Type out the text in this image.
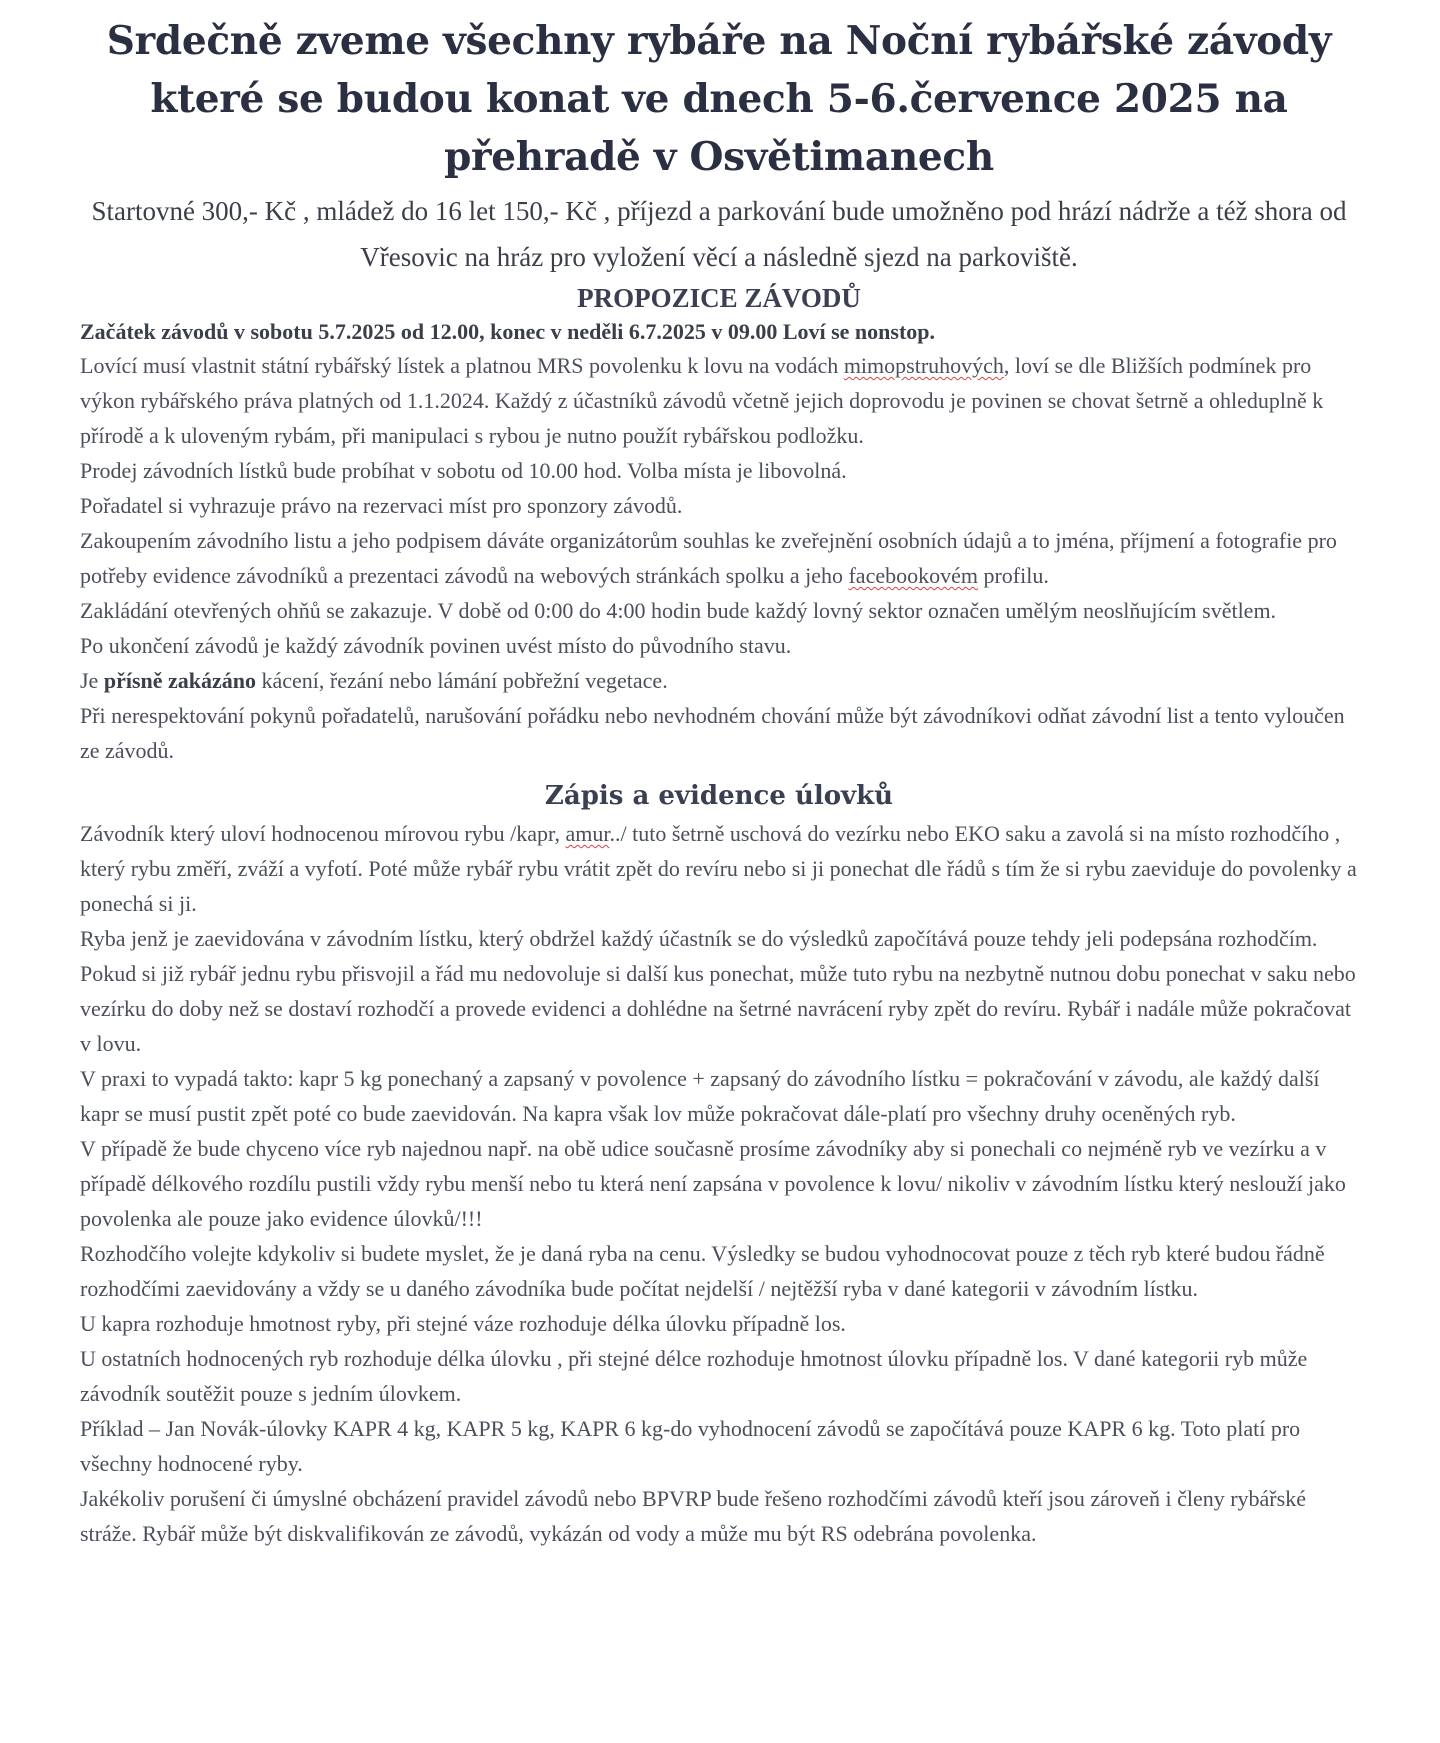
Srdečně zveme všechny rybáře na Noční rybářské závody které se budou konat ve dnech 5-6.července 2025 na přehradě v Osvětimanech

Startovné 300,- Kč , mládež do 16 let 150,- Kč , příjezd a parkování bude umožněno pod hrází nádrže a též shora od Vřesovic na hráz pro vyložení věcí a následně sjezd na parkoviště.

PROPOZICE ZÁVODŮ

Začátek závodů v sobotu 5.7.2025 od 12.00, konec v neděli 6.7.2025 v 09.00 Loví se nonstop.

Lovící musí vlastnit státní rybářský lístek a platnou MRS povolenku k lovu na vodách mimopstruhových, loví se dle Bližších podmínek pro výkon rybářského práva platných od 1.1.2024. Každý z účastníků závodů včetně jejich doprovodu je povinen se chovat šetrně a ohleduplně k přírodě a k uloveným rybám, při manipulaci s rybou je nutno použít rybářskou podložku.

Prodej závodních lístků bude probíhat v sobotu od 10.00 hod. Volba místa je libovolná.

Pořadatel si vyhrazuje právo na rezervaci míst pro sponzory závodů.

Zakoupením závodního listu a jeho podpisem dáváte organizátorům souhlas ke zveřejnění osobních údajů a to jména, příjmení a fotografie pro potřeby evidence závodníků a prezentaci závodů na webových stránkách spolku a jeho facebookovém profilu.

Zakládání otevřených ohňů se zakazuje. V době od 0:00 do 4:00 hodin bude každý lovný sektor označen umělým neoslňujícím světlem.

Po ukončení závodů je každý závodník povinen uvést místo do původního stavu.

Je přísně zakázáno kácení, řezání nebo lámání pobřežní vegetace.

Při nerespektování pokynů pořadatelů, narušování pořádku nebo nevhodném chování může být závodníkovi odňat závodní list a tento vyloučen ze závodů.

Zápis a evidence úlovků

Závodník který uloví hodnocenou mírovou rybu /kapr, amur../ tuto šetrně uschová do vezírku nebo EKO saku a zavolá si na místo rozhodčího , který rybu změří, zváží a vyfotí. Poté může rybář rybu vrátit zpět do revíru nebo si ji ponechat dle řádů s tím že si rybu zaeviduje do povolenky a ponechá si ji.

Ryba jenž je zaevidována v závodním lístku, který obdržel každý účastník se do výsledků započítává pouze tehdy jeli podepsána rozhodčím.

Pokud si již rybář jednu rybu přisvojil a řád mu nedovoluje si další kus ponechat, může tuto rybu na nezbytně nutnou dobu ponechat v saku nebo vezírku do doby než se dostaví rozhodčí a provede evidenci a dohlédne na šetrné navrácení ryby zpět do revíru. Rybář i nadále může pokračovat v lovu.

V praxi to vypadá takto: kapr 5 kg ponechaný a zapsaný v povolence + zapsaný do závodního lístku = pokračování v závodu, ale každý další kapr se musí pustit zpět poté co bude zaevidován. Na kapra však lov může pokračovat dále-platí pro všechny druhy oceněných ryb.

V případě že bude chyceno více ryb najednou např. na obě udice současně prosíme závodníky aby si ponechali co nejméně ryb ve vezírku a v případě délkového rozdílu pustili vždy rybu menší nebo tu která není zapsána v povolence k lovu/ nikoliv v závodním lístku který neslouží jako povolenka ale pouze jako evidence úlovků/!!!

Rozhodčího volejte kdykoliv si budete myslet, že je daná ryba na cenu. Výsledky se budou vyhodnocovat pouze z těch ryb které budou řádně rozhodčími zaevidovány a vždy se u daného závodníka bude počítat nejdelší / nejtěžší ryba v dané kategorii v závodním lístku.

U kapra rozhoduje hmotnost ryby, při stejné váze rozhoduje délka úlovku případně los.

U ostatních hodnocených ryb rozhoduje délka úlovku , při stejné délce rozhoduje hmotnost úlovku případně los. V dané kategorii ryb může závodník soutěžit pouze s jedním úlovkem.

Příklad – Jan Novák-úlovky KAPR 4 kg, KAPR 5 kg, KAPR 6 kg-do vyhodnocení závodů se započítává pouze KAPR 6 kg. Toto platí pro všechny hodnocené ryby.

Jakékoliv porušení či úmyslné obcházení pravidel závodů nebo BPVRP bude řešeno rozhodčími závodů kteří jsou zároveň i členy rybářské stráže. Rybář může být diskvalifikován ze závodů, vykázán od vody a může mu být RS odebrána povolenka.
